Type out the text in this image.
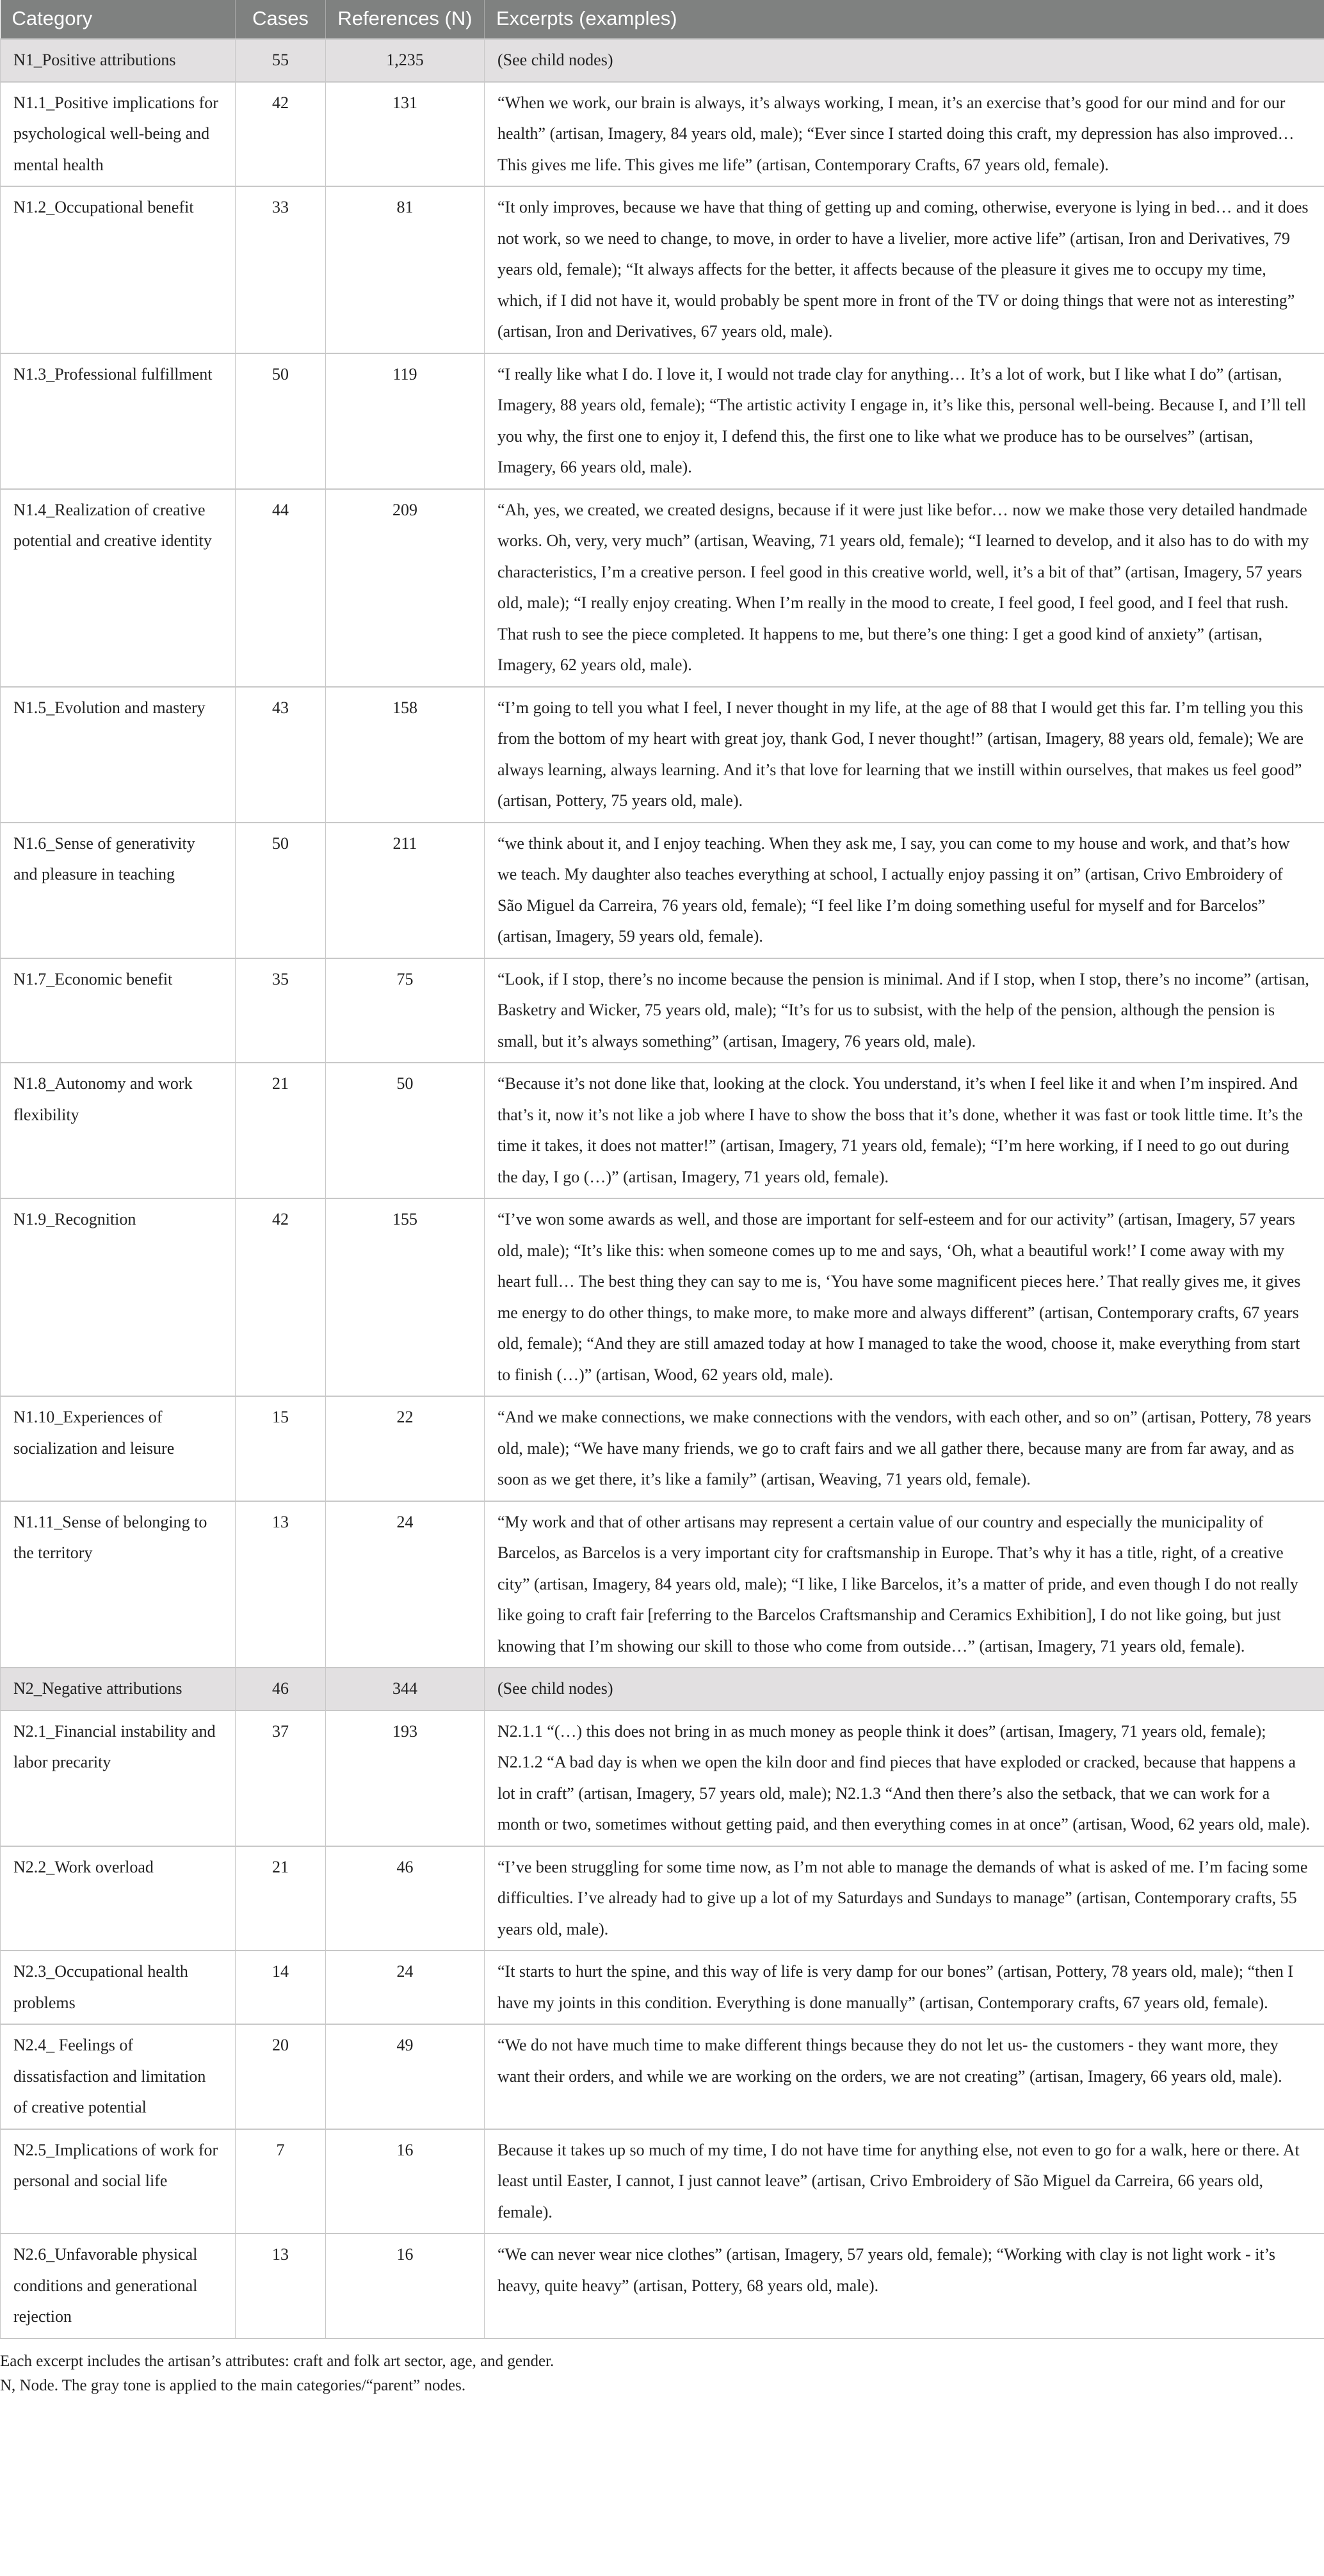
Category	Cases	References (N)	Excerpts (examples)
N1_Positive attributions	55	1,235	(See child nodes)
N1.1_Positive implications for psychological well-being and mental health	42	131	“When we work, our brain is always, it’s always working, I mean, it’s an exercise that’s good for our mind and for our health” (artisan, Imagery, 84 years old, male); “Ever since I started doing this craft, my depression has also improved… This gives me life. This gives me life” (artisan, Contemporary Crafts, 67 years old, female).
N1.2_Occupational benefit	33	81	“It only improves, because we have that thing of getting up and coming, otherwise, everyone is lying in bed… and it does not work, so we need to change, to move, in order to have a livelier, more active life” (artisan, Iron and Derivatives, 79 years old, female); “It always affects for the better, it affects because of the pleasure it gives me to occupy my time, which, if I did not have it, would probably be spent more in front of the TV or doing things that were not as interesting” (artisan, Iron and Derivatives, 67 years old, male).
N1.3_Professional fulfillment	50	119	“I really like what I do. I love it, I would not trade clay for anything… It’s a lot of work, but I like what I do” (artisan, Imagery, 88 years old, female); “The artistic activity I engage in, it’s like this, personal well-being. Because I, and I’ll tell you why, the first one to enjoy it, I defend this, the first one to like what we produce has to be ourselves” (artisan, Imagery, 66 years old, male).
N1.4_Realization of creative potential and creative identity	44	209	“Ah, yes, we created, we created designs, because if it were just like befor… now we make those very detailed handmade works. Oh, very, very much” (artisan, Weaving, 71 years old, female); “I learned to develop, and it also has to do with my characteristics, I’m a creative person. I feel good in this creative world, well, it’s a bit of that” (artisan, Imagery, 57 years old, male); “I really enjoy creating. When I’m really in the mood to create, I feel good, I feel good, and I feel that rush. That rush to see the piece completed. It happens to me, but there’s one thing: I get a good kind of anxiety” (artisan, Imagery, 62 years old, male).
N1.5_Evolution and mastery	43	158	“I’m going to tell you what I feel, I never thought in my life, at the age of 88 that I would get this far. I’m telling you this from the bottom of my heart with great joy, thank God, I never thought!” (artisan, Imagery, 88 years old, female); We are always learning, always learning. And it’s that love for learning that we instill within ourselves, that makes us feel good” (artisan, Pottery, 75 years old, male).
N1.6_Sense of generativity and pleasure in teaching	50	211	“we think about it, and I enjoy teaching. When they ask me, I say, you can come to my house and work, and that’s how we teach. My daughter also teaches everything at school, I actually enjoy passing it on” (artisan, Crivo Embroidery of São Miguel da Carreira, 76 years old, female); “I feel like I’m doing something useful for myself and for Barcelos” (artisan, Imagery, 59 years old, female).
N1.7_Economic benefit	35	75	“Look, if I stop, there’s no income because the pension is minimal. And if I stop, when I stop, there’s no income” (artisan, Basketry and Wicker, 75 years old, male); “It’s for us to subsist, with the help of the pension, although the pension is small, but it’s always something” (artisan, Imagery, 76 years old, male).
N1.8_Autonomy and work flexibility	21	50	“Because it’s not done like that, looking at the clock. You understand, it’s when I feel like it and when I’m inspired. And that’s it, now it’s not like a job where I have to show the boss that it’s done, whether it was fast or took little time. It’s the time it takes, it does not matter!” (artisan, Imagery, 71 years old, female); “I’m here working, if I need to go out during the day, I go (…)” (artisan, Imagery, 71 years old, female).
N1.9_Recognition	42	155	“I’ve won some awards as well, and those are important for self-esteem and for our activity” (artisan, Imagery, 57 years old, male); “It’s like this: when someone comes up to me and says, ‘Oh, what a beautiful work!’ I come away with my heart full… The best thing they can say to me is, ‘You have some magnificent pieces here.’ That really gives me, it gives me energy to do other things, to make more, to make more and always different” (artisan, Contemporary crafts, 67 years old, female); “And they are still amazed today at how I managed to take the wood, choose it, make everything from start to finish (…)” (artisan, Wood, 62 years old, male).
N1.10_Experiences of socialization and leisure	15	22	“And we make connections, we make connections with the vendors, with each other, and so on” (artisan, Pottery, 78 years old, male); “We have many friends, we go to craft fairs and we all gather there, because many are from far away, and as soon as we get there, it’s like a family” (artisan, Weaving, 71 years old, female).
N1.11_Sense of belonging to the territory	13	24	“My work and that of other artisans may represent a certain value of our country and especially the municipality of Barcelos, as Barcelos is a very important city for craftsmanship in Europe. That’s why it has a title, right, of a creative city” (artisan, Imagery, 84 years old, male); “I like, I like Barcelos, it’s a matter of pride, and even though I do not really like going to craft fair [referring to the Barcelos Craftsmanship and Ceramics Exhibition], I do not like going, but just knowing that I’m showing our skill to those who come from outside…” (artisan, Imagery, 71 years old, female).
N2_Negative attributions	46	344	(See child nodes)
N2.1_Financial instability and labor precarity	37	193	N2.1.1 “(…) this does not bring in as much money as people think it does” (artisan, Imagery, 71 years old, female); N2.1.2 “A bad day is when we open the kiln door and find pieces that have exploded or cracked, because that happens a lot in craft” (artisan, Imagery, 57 years old, male); N2.1.3 “And then there’s also the setback, that we can work for a month or two, sometimes without getting paid, and then everything comes in at once” (artisan, Wood, 62 years old, male).
N2.2_Work overload	21	46	“I’ve been struggling for some time now, as I’m not able to manage the demands of what is asked of me. I’m facing some difficulties. I’ve already had to give up a lot of my Saturdays and Sundays to manage” (artisan, Contemporary crafts, 55 years old, male).
N2.3_Occupational health problems	14	24	“It starts to hurt the spine, and this way of life is very damp for our bones” (artisan, Pottery, 78 years old, male); “then I have my joints in this condition. Everything is done manually” (artisan, Contemporary crafts, 67 years old, female).
N2.4_ Feelings of dissatisfaction and limitation of creative potential	20	49	“We do not have much time to make different things because they do not let us- the customers - they want more, they want their orders, and while we are working on the orders, we are not creating” (artisan, Imagery, 66 years old, male).
N2.5_Implications of work for personal and social life	7	16	Because it takes up so much of my time, I do not have time for anything else, not even to go for a walk, here or there. At least until Easter, I cannot, I just cannot leave” (artisan, Crivo Embroidery of São Miguel da Carreira, 66 years old, female).
N2.6_Unfavorable physical conditions and generational rejection	13	16	“We can never wear nice clothes” (artisan, Imagery, 57 years old, female); “Working with clay is not light work - it’s heavy, quite heavy” (artisan, Pottery, 68 years old, male).
Each excerpt includes the artisan’s attributes: craft and folk art sector, age, and gender.
N, Node. The gray tone is applied to the main categories/“parent” nodes.
